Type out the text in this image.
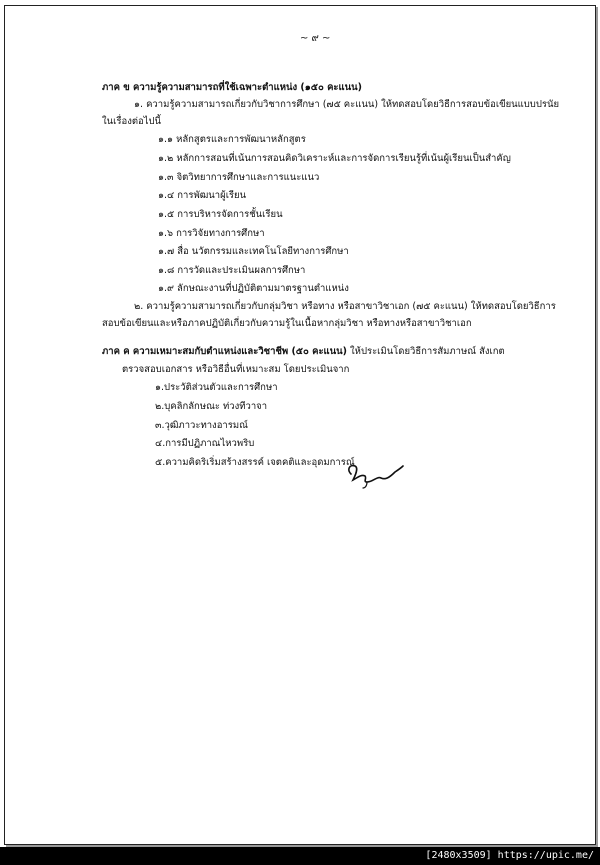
~ ๙ ~
ภาค ข ความรู้ความสามารถที่ใช้เฉพาะตำแหน่ง (๑๕๐ คะแนน)
๑. ความรู้ความสามารถเกี่ยวกับวิชาการศึกษา (๗๕ คะแนน) ให้ทดสอบโดยวิธีการสอบข้อเขียนแบบปรนัย
ในเรื่องต่อไปนี้
๑.๑ หลักสูตรและการพัฒนาหลักสูตร
๑.๒ หลักการสอนที่เน้นการสอนคิดวิเคราะห์และการจัดการเรียนรู้ที่เน้นผู้เรียนเป็นสำคัญ
๑.๓ จิตวิทยาการศึกษาและการแนะแนว
๑.๔ การพัฒนาผู้เรียน
๑.๕ การบริหารจัดการชั้นเรียน
๑.๖ การวิจัยทางการศึกษา
๑.๗ สื่อ นวัตกรรมและเทคโนโลยีทางการศึกษา
๑.๘ การวัดและประเมินผลการศึกษา
๑.๙ ลักษณะงานที่ปฏิบัติตามมาตรฐานตำแหน่ง
๒. ความรู้ความสามารถเกี่ยวกับกลุ่มวิชา หรือทาง หรือสาขาวิชาเอก (๗๕ คะแนน) ให้ทดสอบโดยวิธีการ
สอบข้อเขียนและหรือภาคปฏิบัติเกี่ยวกับความรู้ในเนื้อหากลุ่มวิชา หรือทางหรือสาขาวิชาเอก
ภาค ค ความเหมาะสมกับตำแหน่งและวิชาชีพ (๕๐ คะแนน) ให้ประเมินโดยวิธีการสัมภาษณ์ สังเกต
ตรวจสอบเอกสาร หรือวิธีอื่นที่เหมาะสม โดยประเมินจาก
๑.ประวัติส่วนตัวและการศึกษา
๒.บุคลิกลักษณะ ท่วงทีวาจา
๓.วุฒิภาวะทางอารมณ์
๔.การมีปฏิภาณไหวพริบ
๕.ความคิดริเริ่มสร้างสรรค์ เจตคติและอุดมการณ์
[2480x3509] https://upic.me/
